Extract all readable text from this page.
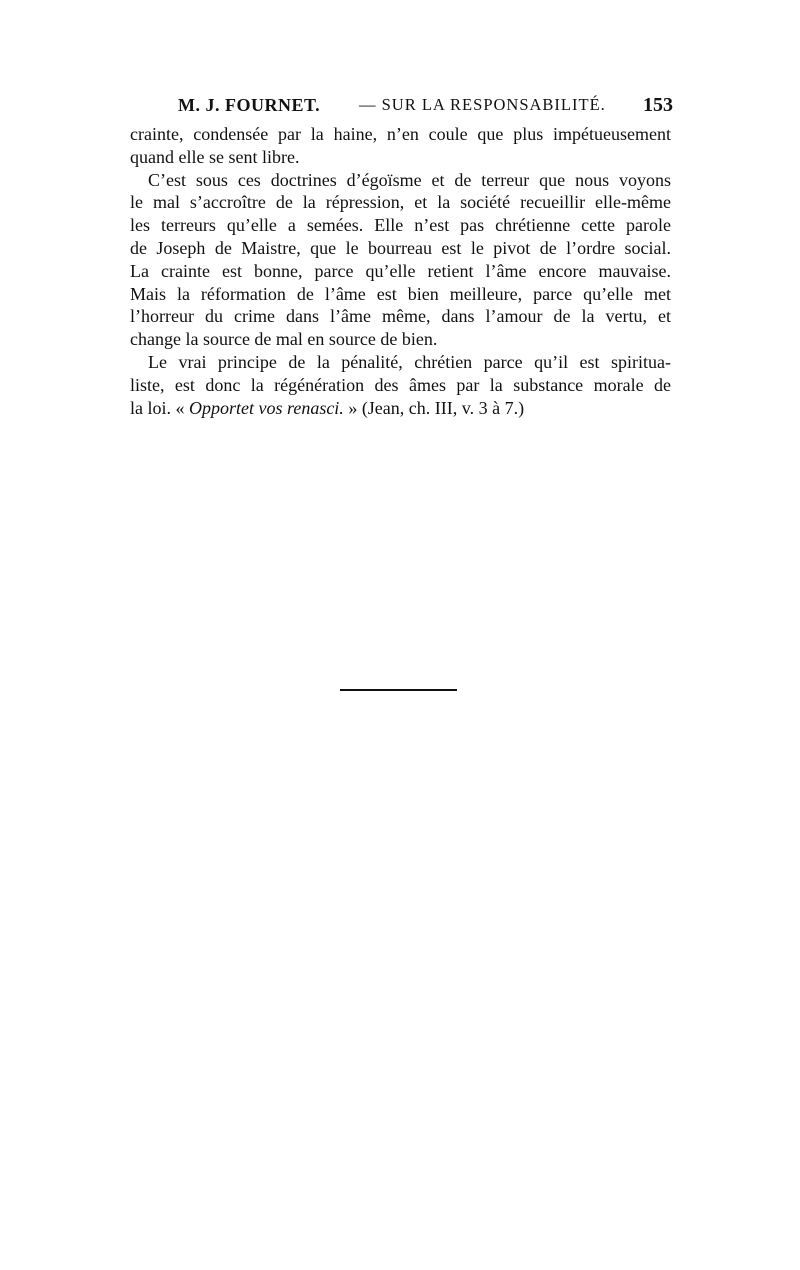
M. J. FOURNET. — SUR LA RESPONSABILITÉ. 153

crainte, condensée par la haine, n’en coule que plus impétueusement
quand elle se sent libre.

C’est sous ces doctrines d’égoïsme et de terreur que nous voyons
le mal s’accroître de la répression, et la société recueillir elle-même
les terreurs qu’elle a semées. Elle n’est pas chrétienne cette parole
de Joseph de Maistre, que le bourreau est le pivot de l’ordre social.
La crainte est bonne, parce qu’elle retient l’âme encore mauvaise.
Mais la réformation de l’âme est bien meilleure, parce qu’elle met
l’horreur du crime dans l’âme même, dans l’amour de la vertu, et
change la source de mal en source de bien.

Le vrai principe de la pénalité, chrétien parce qu’il est spiritua-
liste, est donc la régénération des âmes par la substance morale de
la loi. « Opportet vos renasci. » (Jean, ch. III, v. 3 à 7.)
